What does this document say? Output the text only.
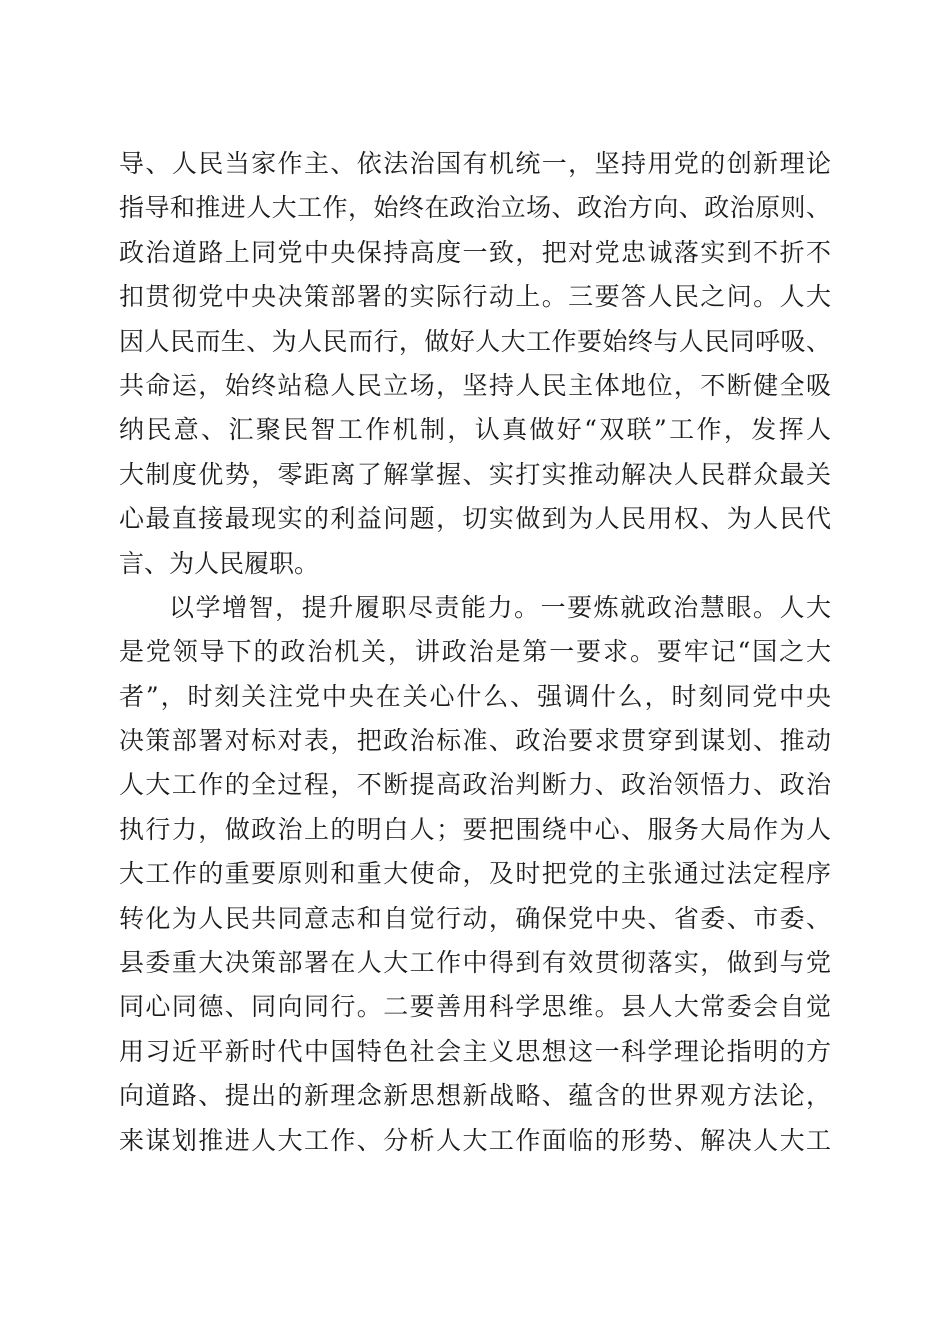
导、人民当家作主、依法治国有机统一，坚持用党的创新理论
指导和推进人大工作，始终在政治立场、政治方向、政治原则、
政治道路上同党中央保持高度一致，把对党忠诚落实到不折不
扣贯彻党中央决策部署的实际行动上。三要答人民之问。人大
因人民而生、为人民而行，做好人大工作要始终与人民同呼吸、
共命运，始终站稳人民立场，坚持人民主体地位，不断健全吸
纳民意、汇聚民智工作机制，认真做好“双联”工作，发挥人
大制度优势，零距离了解掌握、实打实推动解决人民群众最关
心最直接最现实的利益问题，切实做到为人民用权、为人民代
言、为人民履职。
以学增智，提升履职尽责能力。一要炼就政治慧眼。人大
是党领导下的政治机关，讲政治是第一要求。要牢记“国之大
者”，时刻关注党中央在关心什么、强调什么，时刻同党中央
决策部署对标对表，把政治标准、政治要求贯穿到谋划、推动
人大工作的全过程，不断提高政治判断力、政治领悟力、政治
执行力，做政治上的明白人；要把围绕中心、服务大局作为人
大工作的重要原则和重大使命，及时把党的主张通过法定程序
转化为人民共同意志和自觉行动，确保党中央、省委、市委、
县委重大决策部署在人大工作中得到有效贯彻落实，做到与党
同心同德、同向同行。二要善用科学思维。县人大常委会自觉
用习近平新时代中国特色社会主义思想这一科学理论指明的方
向道路、提出的新理念新思想新战略、蕴含的世界观方法论，
来谋划推进人大工作、分析人大工作面临的形势、解决人大工
